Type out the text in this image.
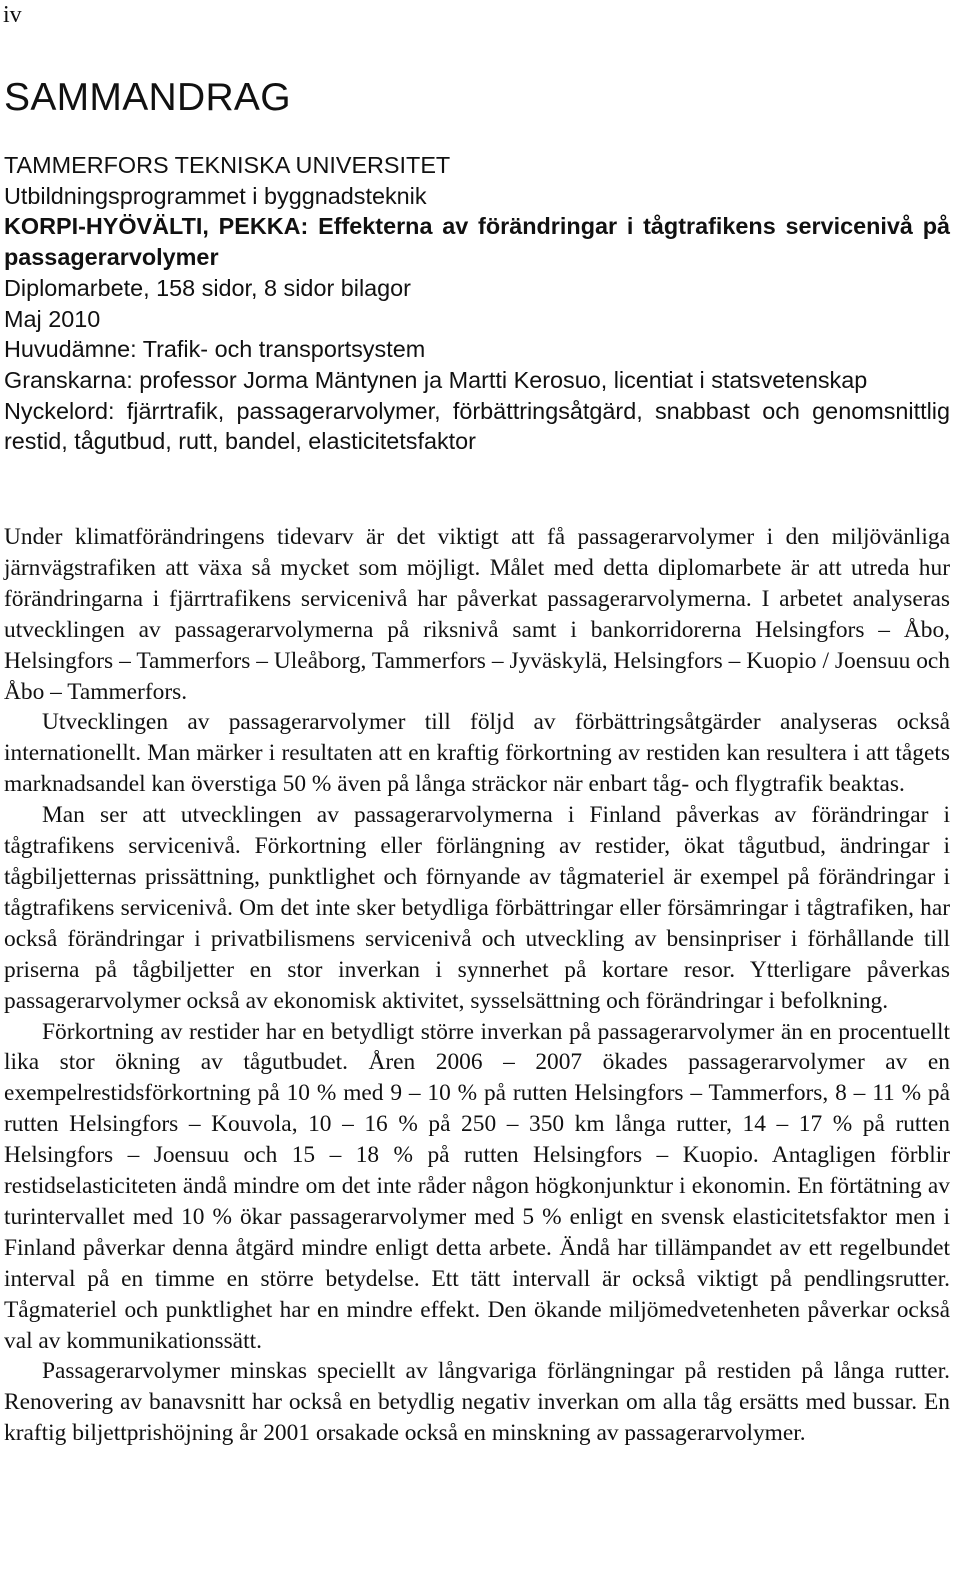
iv
SAMMANDRAG
TAMMERFORS TEKNISKA UNIVERSITET
Utbildningsprogrammet i byggnadsteknik
KORPI-HYÖVÄLTI, PEKKA: Effekterna av förändringar i tågtrafikens servicenivå på passagerarvolymer
Diplomarbete, 158 sidor, 8 sidor bilagor
Maj 2010
Huvudämne: Trafik- och transportsystem
Granskarna: professor Jorma Mäntynen ja Martti Kerosuo, licentiat i statsvetenskap
Nyckelord: fjärrtrafik, passagerarvolymer, förbättringsåtgärd, snabbast och genomsnittlig restid, tågutbud, rutt, bandel, elasticitetsfaktor

Under klimatförändringens tidevarv är det viktigt att få passagerarvolymer i den miljövänliga järnvägstrafiken att växa så mycket som möjligt. Målet med detta diplomarbete är att utreda hur förändringarna i fjärrtrafikens servicenivå har påverkat passagerarvolymerna. I arbetet analyseras utvecklingen av passagerarvolymerna på riksnivå samt i bankorridorerna Helsingfors – Åbo, Helsingfors – Tammerfors – Uleåborg, Tammerfors – Jyväskylä, Helsingfors – Kuopio / Joensuu och Åbo – Tammerfors.

Utvecklingen av passagerarvolymer till följd av förbättringsåtgärder analyseras också internationellt. Man märker i resultaten att en kraftig förkortning av restiden kan resultera i att tågets marknadsandel kan överstiga 50 % även på långa sträckor när enbart tåg- och flygtrafik beaktas.

Man ser att utvecklingen av passagerarvolymerna i Finland påverkas av förändringar i tågtrafikens servicenivå. Förkortning eller förlängning av restider, ökat tågutbud, ändringar i tågbiljetternas prissättning, punktlighet och förnyande av tågmateriel är exempel på förändringar i tågtrafikens servicenivå. Om det inte sker betydliga förbättringar eller försämringar i tågtrafiken, har också förändringar i privatbilismens servicenivå och utveckling av bensinpriser i förhållande till priserna på tågbiljetter en stor inverkan i synnerhet på kortare resor. Ytterligare påverkas passagerarvolymer också av ekonomisk aktivitet, sysselsättning och förändringar i befolkning.

Förkortning av restider har en betydligt större inverkan på passagerarvolymer än en procentuellt lika stor ökning av tågutbudet. Åren 2006 – 2007 ökades passagerarvolymer av en exempelrestidsförkortning på 10 % med 9 – 10 % på rutten Helsingfors – Tammerfors, 8 – 11 % på rutten Helsingfors – Kouvola, 10 – 16 % på 250 – 350 km långa rutter, 14 – 17 % på rutten Helsingfors – Joensuu och 15 – 18 % på rutten Helsingfors – Kuopio. Antagligen förblir restidselasticiteten ändå mindre om det inte råder någon högkonjunktur i ekonomin. En förtätning av turintervallet med 10 % ökar passagerarvolymer med 5 % enligt en svensk elasticitetsfaktor men i Finland påverkar denna åtgärd mindre enligt detta arbete. Ändå har tillämpandet av ett regelbundet interval på en timme en större betydelse. Ett tätt intervall är också viktigt på pendlingsrutter. Tågmateriel och punktlighet har en mindre effekt. Den ökande miljömedvetenheten påverkar också val av kommunikationssätt.

Passagerarvolymer minskas speciellt av långvariga förlängningar på restiden på långa rutter. Renovering av banavsnitt har också en betydlig negativ inverkan om alla tåg ersätts med bussar. En kraftig biljettprishöjning år 2001 orsakade också en minskning av passagerarvolymer.
